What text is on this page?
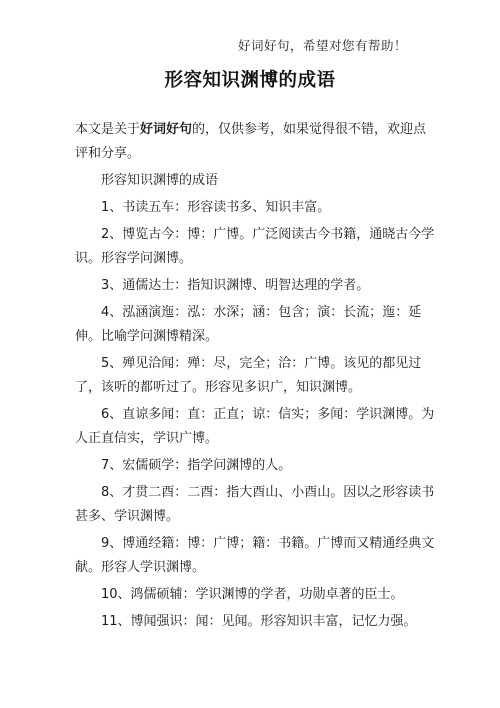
好词好句，希望对您有帮助！
形容知识渊博的成语

本文是关于好词好句的，仅供参考，如果觉得很不错，欢迎点评和分享。

形容知识渊博的成语

1、书读五车：形容读书多、知识丰富。

2、博览古今：博：广博。广泛阅读古今书籍，通晓古今学识。形容学问渊博。

3、通儒达士：指知识渊博、明智达理的学者。

4、泓涵演迤：泓：水深；涵：包含；演：长流；迤：延伸。比喻学问渊博精深。

5、殚见洽闻：殚：尽，完全；洽：广博。该见的都见过了，该听的都听过了。形容见多识广，知识渊博。

6、直谅多闻：直：正直；谅：信实；多闻：学识渊博。为人正直信实，学识广博。

7、宏儒硕学：指学问渊博的人。

8、才贯二酉：二酉：指大酉山、小酉山。因以之形容读书甚多、学识渊博。

9、博通经籍：博：广博；籍：书籍。广博而又精通经典文献。形容人学识渊博。

10、鸿儒硕辅：学识渊博的学者，功勋卓著的臣士。

11、博闻强识：闻：见闻。形容知识丰富，记忆力强。
